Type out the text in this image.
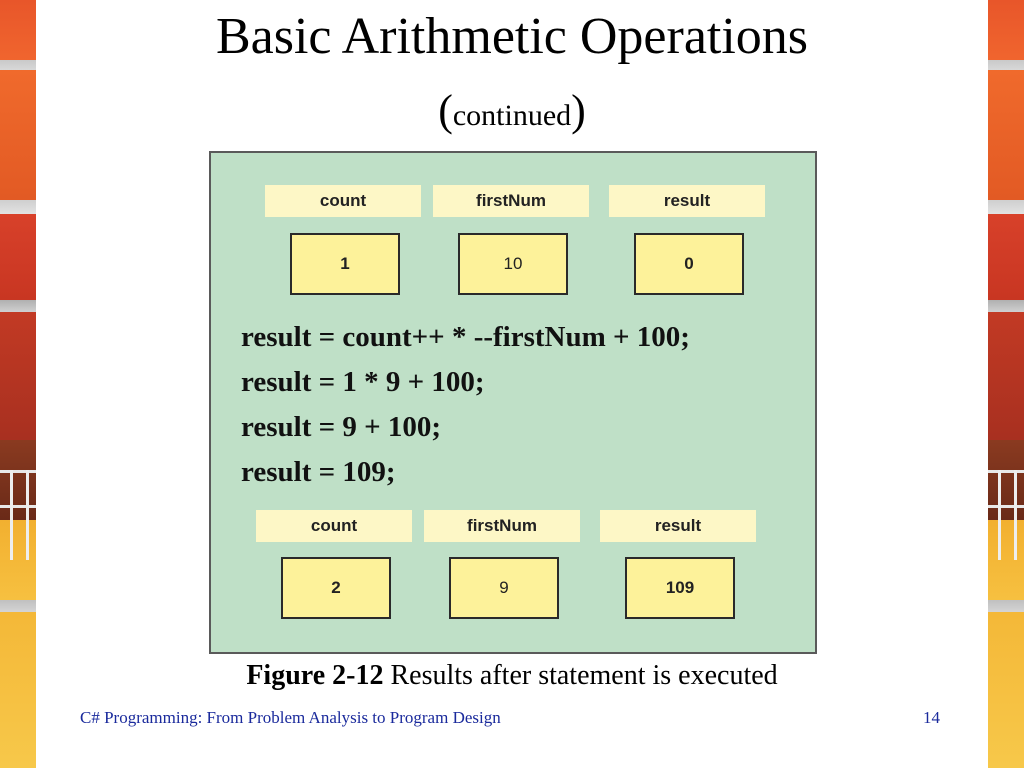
Basic Arithmetic Operations
(continued)
count	firstNum	result
1	10	0
result = count++ * --firstNum + 100;
result = 1 * 9 + 100;
result = 9 + 100;
result = 109;
count	firstNum	result
2	9	109
Figure 2-12 Results after statement is executed
C# Programming: From Problem Analysis to Program Design	14
